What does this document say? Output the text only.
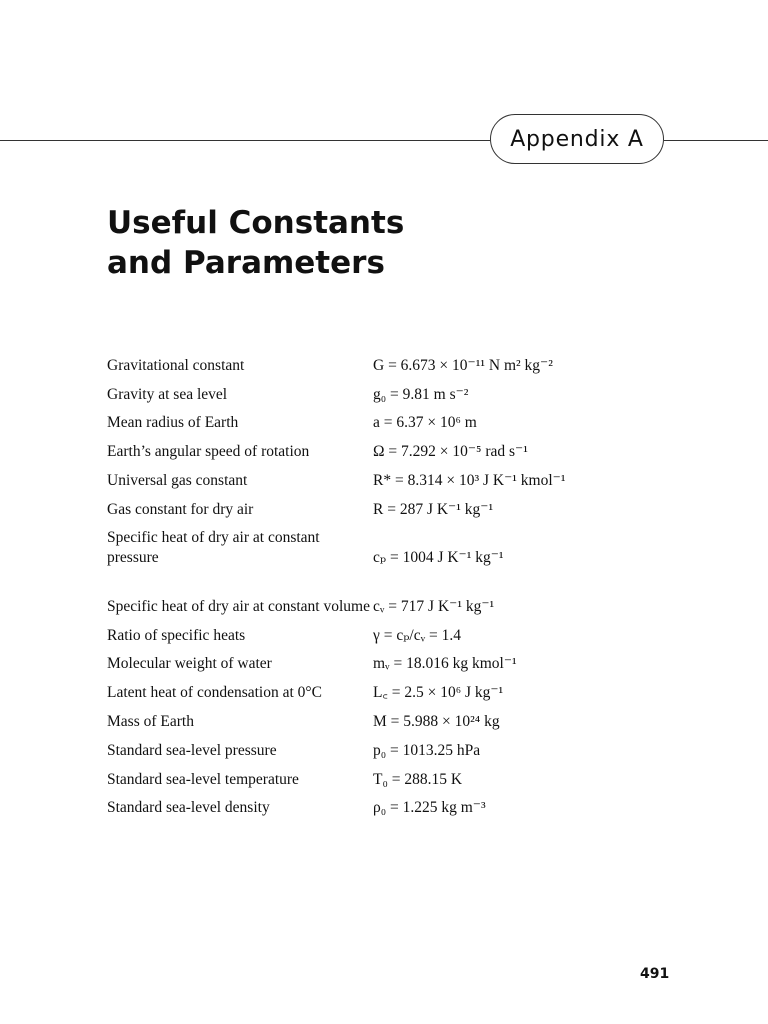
Appendix A
Useful Constants
and Parameters
Gravitational constant	G = 6.673 × 10⁻¹¹ N m² kg⁻²
Gravity at sea level	g₀ = 9.81 m s⁻²
Mean radius of Earth	a = 6.37 × 10⁶ m
Earth’s angular speed of rotation	Ω = 7.292 × 10⁻⁵ rad s⁻¹
Universal gas constant	R* = 8.314 × 10³ J K⁻¹ kmol⁻¹
Gas constant for dry air	R = 287 J K⁻¹ kg⁻¹
Specific heat of dry air at constant pressure	cₚ = 1004 J K⁻¹ kg⁻¹
Specific heat of dry air at constant volume cᵥ = 717 J K⁻¹ kg⁻¹
Ratio of specific heats	γ = cₚ/cᵥ = 1.4
Molecular weight of water	mᵥ = 18.016 kg kmol⁻¹
Latent heat of condensation at 0°C	L꜀ = 2.5 × 10⁶ J kg⁻¹
Mass of Earth	M = 5.988 × 10²⁴ kg
Standard sea-level pressure	p₀ = 1013.25 hPa
Standard sea-level temperature	T₀ = 288.15 K
Standard sea-level density	ρ₀ = 1.225 kg m⁻³
491
